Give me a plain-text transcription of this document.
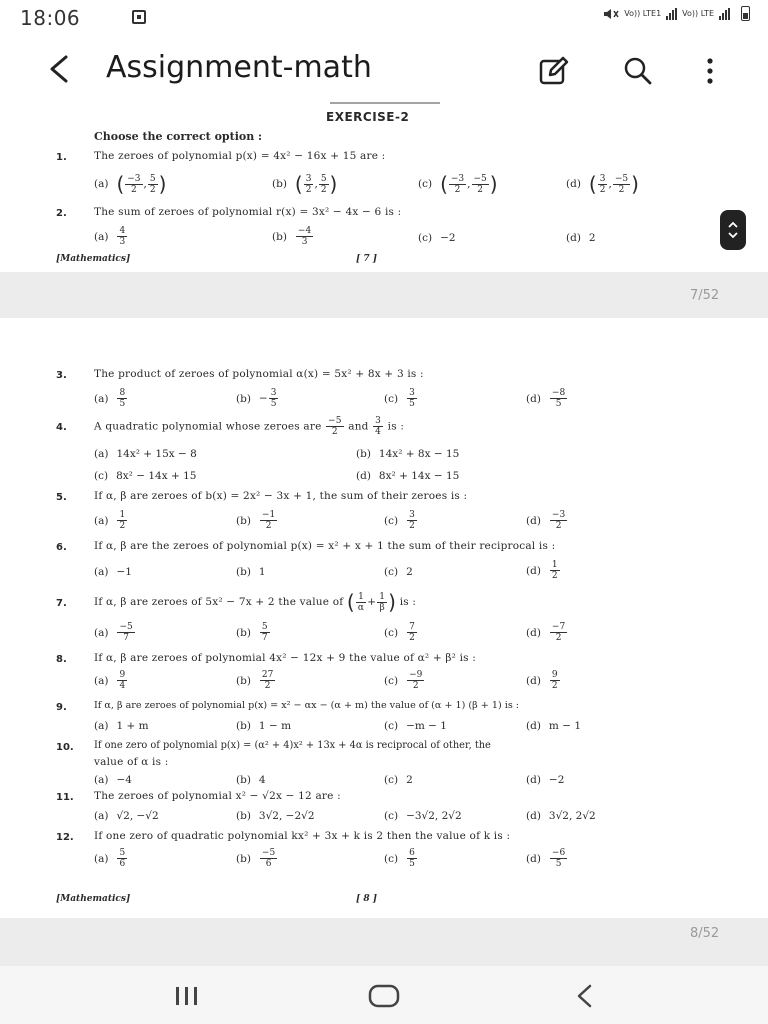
18:06	Vo)) LTE1	Vo)) LTE
Assignment-math
EXERCISE-2
Choose the correct option :
1.	The zeroes of polynomial p(x) = 4x² − 16x + 15 are :
(a) ( $\frac{-3}{2}$ , $\frac{5}{2}$ )	(b) ( $\frac{3}{2}$ , $\frac{5}{2}$ )	(c) ( $\frac{-3}{2}$ , $\frac{-5}{2}$ )	(d) ( $\frac{3}{2}$ , $\frac{-5}{2}$ )
2.	The sum of zeroes of polynomial r(x) = 3x² − 4x − 6 is :
$(a) \frac{4}{3}$	$(b) \frac{-4}{3}$	(c) −2	(d) 2
[Mathematics]	[ 7 ]
7/52
3.	The product of zeroes of polynomial α(x) = 5x² + 8x + 3 is :
$(a) \frac{8}{5}$	$(b) - \frac{3}{5}$	$(c) \frac{3}{5}$	$(d) \frac{-8}{5}$
4.	A quadratic polynomial whose zeroes are $\frac{-5}{2}$ and $\frac{3}{4}$ is :
(a) 14x² + 15x − 8	(b) 14x² + 8x − 15
(c) 8x² − 14x + 15	(d) 8x² + 14x − 15
5.	If α, β are zeroes of b(x) = 2x² − 3x + 1, the sum of their zeroes is :
$(a) \frac{1}{2}$	$(b) \frac{-1}{2}$	$(c) \frac{3}{2}$	$(d) \frac{-3}{2}$
6.	If α, β are the zeroes of polynomial p(x) = x² + x + 1 the sum of their reciprocal is :
(a) −1	(b) 1	(c) 2	$(d) \frac{1}{2}$
7.	If α, β are zeroes of 5x² − 7x + 2 the value of ( $\frac{1}{\alpha} + \frac{1}{\beta}$ ) is :
$(a) \frac{-5}{7}$	$(b) \frac{5}{7}$	$(c) \frac{7}{2}$	$(d) \frac{-7}{2}$
8.	If α, β are zeroes of polynomial 4x² − 12x + 9 the value of α² + β² is :
$(a) \frac{9}{4}$	$(b) \frac{27}{2}$	$(c) \frac{-9}{2}$	$(d) \frac{9}{2}$
9.	If α, β are zeroes of polynomial p(x) = x² − αx − (α + m) the value of (α + 1) (β + 1) is :
(a) 1 + m	(b) 1 − m	(c) −m − 1	(d) m − 1
10. If one zero of polynomial p(x) = (α² + 4)x² + 13x + 4α is reciprocal of other, the
value of α is :
(a) −4	(b) 4	(c) 2	(d) −2
11. The zeroes of polynomial x² − √2x − 12 are :
(a) √2, −√2	(b) 3√2, −2√2	(c) −3√2, 2√2	(d) 3√2, 2√2
12. If one zero of quadratic polynomial kx² + 3x + k is 2 then the value of k is :
$(a) \frac{5}{6}$	$(b) \frac{-5}{6}$	$(c) \frac{6}{5}$	$(d) \frac{-6}{5}$
[Mathematics]	[ 8 ]
8/52
